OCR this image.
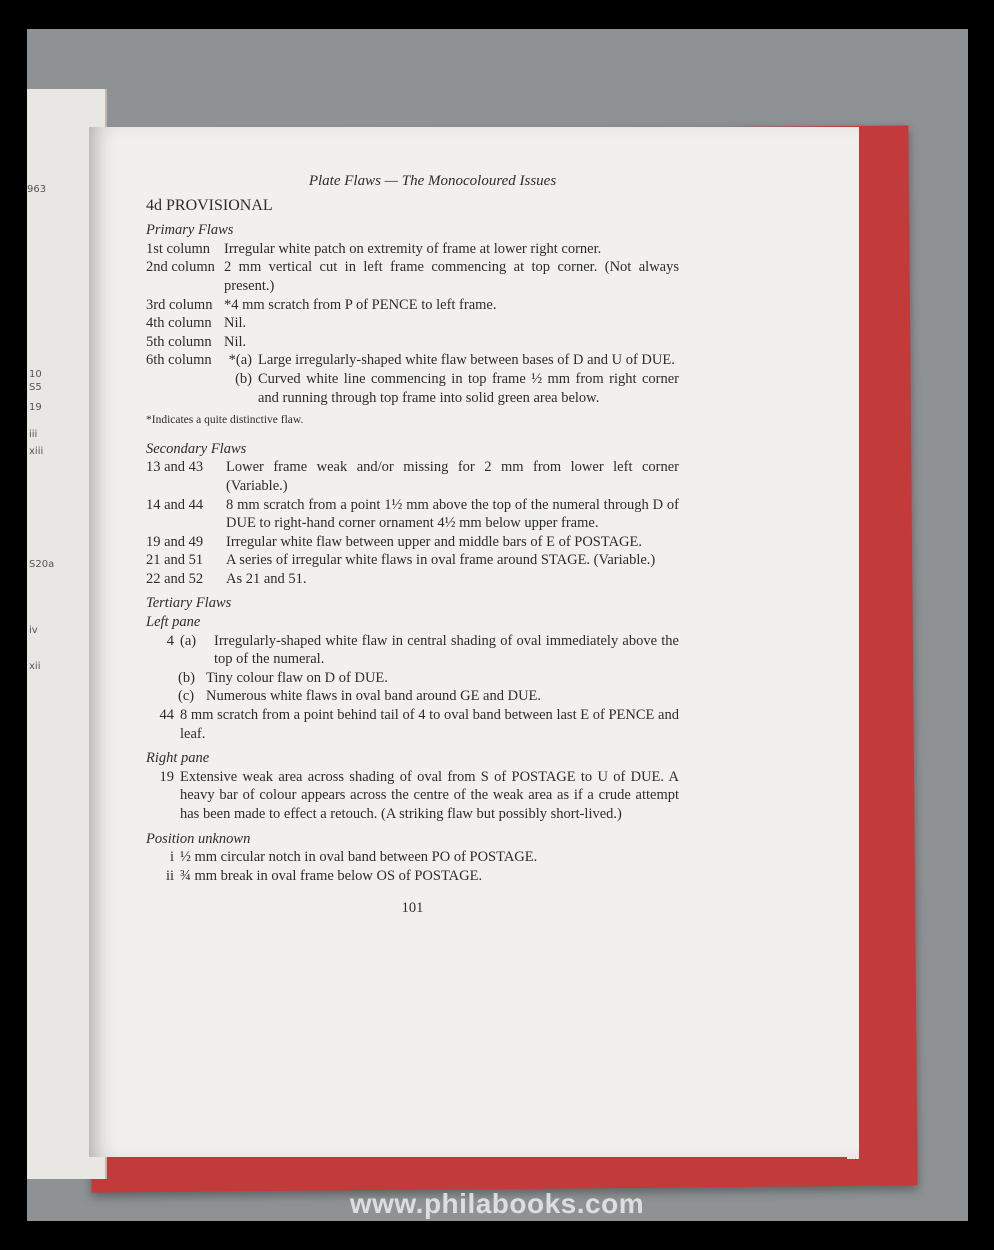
963
10
S5
19
iii
xiii
S20a
iv
xii
Plate Flaws — The Monocoloured Issues
4d PROVISIONAL
Primary Flaws
1st column Irregular white patch on extremity of frame at lower right corner.
2nd column 2 mm vertical cut in left frame commencing at top corner. (Not always present.)
3rd column *4 mm scratch from P of PENCE to left frame.
4th column Nil.
5th column Nil.
6th column	*(a) Large irregularly-shaped white flaw between bases of D and U of DUE.
(b) Curved white line commencing in top frame ½ mm from right corner and running through top frame into solid green area below.
*Indicates a quite distinctive flaw.
Secondary Flaws
13 and 43	Lower frame weak and/or missing for 2 mm from lower left corner (Variable.)
14 and 44	8 mm scratch from a point 1½ mm above the top of the numeral through D of DUE to right-hand corner ornament 4½ mm below upper frame.
19 and 49	Irregular white flaw between upper and middle bars of E of POSTAGE.
21 and 51	A series of irregular white flaws in oval frame around STAGE. (Variable.)
22 and 52	As 21 and 51.
Tertiary Flaws
Left pane
4 (a)	Irregularly-shaped white flaw in central shading of oval immediately above the top of the numeral.
(b) Tiny colour flaw on D of DUE.
(c) Numerous white flaws in oval band around GE and DUE.
44 8 mm scratch from a point behind tail of 4 to oval band between last E of PENCE and leaf.
Right pane
19 Extensive weak area across shading of oval from S of POSTAGE to U of DUE. A heavy bar of colour appears across the centre of the weak area as if a crude attempt has been made to effect a retouch. (A striking flaw but possibly short-lived.)
Position unknown
i ½ mm circular notch in oval band between PO of POSTAGE.
ii ¾ mm break in oval frame below OS of POSTAGE.
101
www.philabooks.com
